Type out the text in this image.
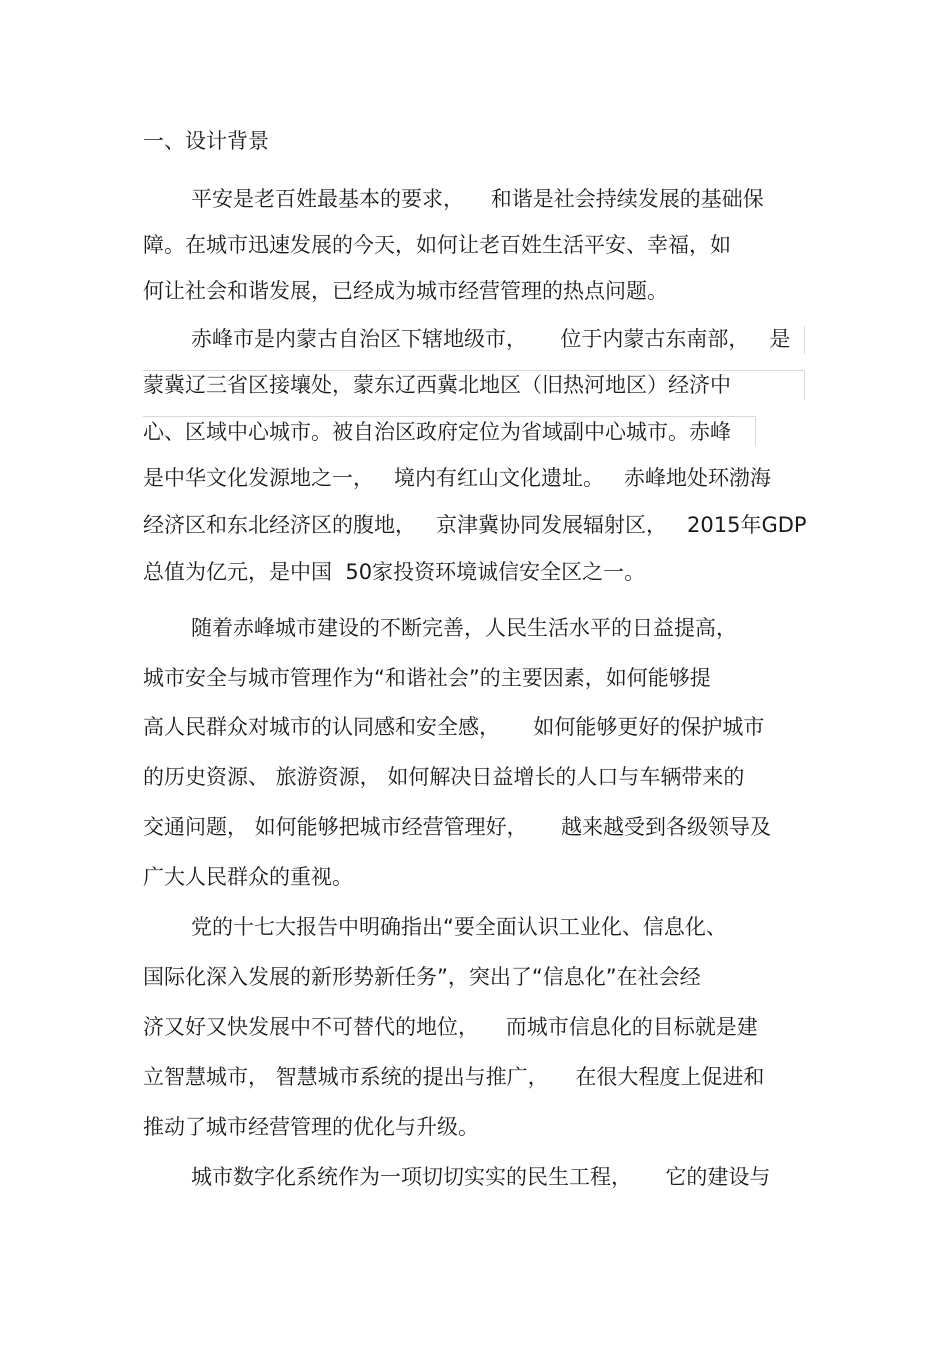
一、设计背景
平安是老百姓最基本的要求，    和谐是社会持续发展的基础保
障。在城市迅速发展的今天，如何让老百姓生活平安、幸福，如
何让社会和谐发展，已经成为城市经营管理的热点问题。
赤峰市是内蒙古自治区下辖地级市，     位于内蒙古东南部，   是
蒙冀辽三省区接壤处，蒙东辽西冀北地区（旧热河地区）经济中
心、区域中心城市。被自治区政府定位为省域副中心城市。赤峰
是中华文化发源地之一，   境内有红山文化遗址。   赤峰地处环渤海
经济区和东北经济区的腹地，   京津冀协同发展辐射区，   2015年GDP
总值为亿元，是中国  50家投资环境诚信安全区之一。
随着赤峰城市建设的不断完善，人民生活水平的日益提高，
城市安全与城市管理作为“和谐社会”的主要因素，如何能够提
高人民群众对城市的认同感和安全感，     如何能够更好的保护城市
的历史资源、 旅游资源， 如何解决日益增长的人口与车辆带来的
交通问题， 如何能够把城市经营管理好，     越来越受到各级领导及
广大人民群众的重视。
党的十七大报告中明确指出“要全面认识工业化、信息化、
国际化深入发展的新形势新任务”，突出了“信息化”在社会经
济又好又快发展中不可替代的地位，    而城市信息化的目标就是建
立智慧城市， 智慧城市系统的提出与推广，    在很大程度上促进和
推动了城市经营管理的优化与升级。
城市数字化系统作为一项切切实实的民生工程，     它的建设与
